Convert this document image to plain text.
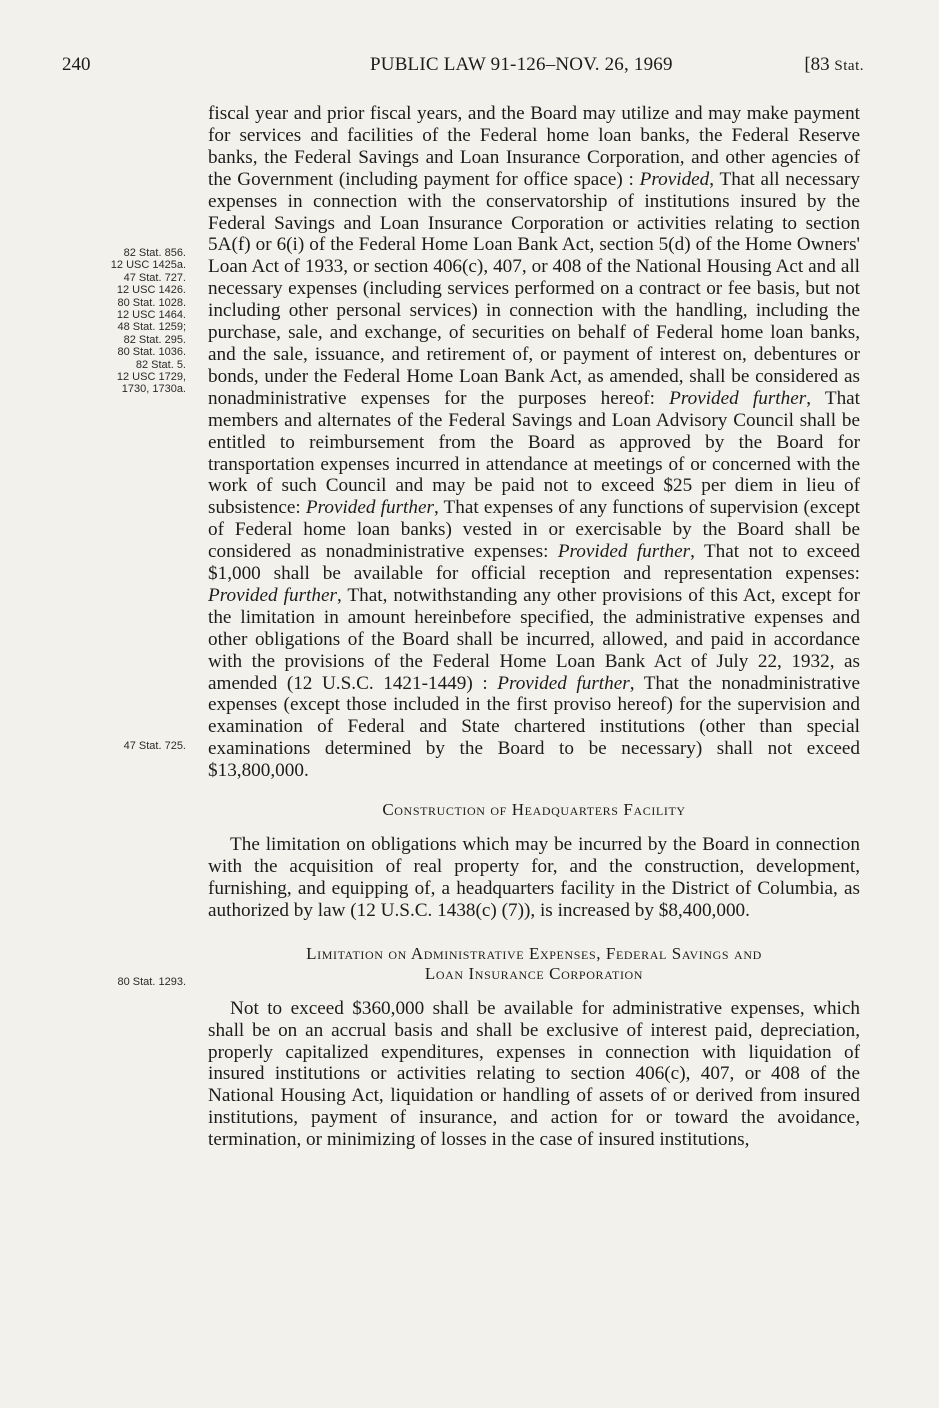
240	PUBLIC LAW 91-126–NOV. 26, 1969	[83 Stat.
82 Stat. 856.
12 USC 1425a.
47 Stat. 727.
12 USC 1426.
80 Stat. 1028.
12 USC 1464.
48 Stat. 1259;
82 Stat. 295.
80 Stat. 1036.
82 Stat. 5.
12 USC 1729,
1730, 1730a.
47 Stat. 725.
80 Stat. 1293.

fiscal year and prior fiscal years, and the Board may utilize and may make payment for services and facilities of the Federal home loan banks, the Federal Reserve banks, the Federal Savings and Loan Insurance Corporation, and other agencies of the Government (including payment for office space) : Provided, That all necessary expenses in connection with the conservatorship of institutions insured by the Federal Savings and Loan Insurance Corporation or activities relating to section 5A(f) or 6(i) of the Federal Home Loan Bank Act, section 5(d) of the Home Owners' Loan Act of 1933, or section 406(c), 407, or 408 of the National Housing Act and all necessary expenses (including services performed on a contract or fee basis, but not including other personal services) in connection with the handling, including the purchase, sale, and exchange, of securities on behalf of Federal home loan banks, and the sale, issuance, and retirement of, or payment of interest on, debentures or bonds, under the Federal Home Loan Bank Act, as amended, shall be considered as nonadministrative expenses for the purposes hereof: Provided further, That members and alternates of the Federal Savings and Loan Advisory Council shall be entitled to reimbursement from the Board as approved by the Board for transportation expenses incurred in attendance at meetings of or concerned with the work of such Council and may be paid not to exceed $25 per diem in lieu of subsistence: Provided further, That expenses of any functions of supervision (except of Federal home loan banks) vested in or exercisable by the Board shall be considered as nonadministrative expenses: Provided further, That not to exceed $1,000 shall be available for official reception and representation expenses: Provided further, That, notwithstanding any other provisions of this Act, except for the limitation in amount hereinbefore specified, the administrative expenses and other obligations of the Board shall be incurred, allowed, and paid in accordance with the provisions of the Federal Home Loan Bank Act of July 22, 1932, as amended (12 U.S.C. 1421-1449) : Provided further, That the nonadministrative expenses (except those included in the first proviso hereof) for the supervision and examination of Federal and State chartered institutions (other than special examinations determined by the Board to be necessary) shall not exceed $13,800,000.

Construction of Headquarters Facility

The limitation on obligations which may be incurred by the Board in connection with the acquisition of real property for, and the construction, development, furnishing, and equipping of, a headquarters facility in the District of Columbia, as authorized by law (12 U.S.C. 1438(c) (7)), is increased by $8,400,000.

Limitation on Administrative Expenses, Federal Savings and
Loan Insurance Corporation

Not to exceed $360,000 shall be available for administrative expenses, which shall be on an accrual basis and shall be exclusive of interest paid, depreciation, properly capitalized expenditures, expenses in connection with liquidation of insured institutions or activities relating to section 406(c), 407, or 408 of the National Housing Act, liquidation or handling of assets of or derived from insured institutions, payment of insurance, and action for or toward the avoidance, termination, or minimizing of losses in the case of insured institutions,
